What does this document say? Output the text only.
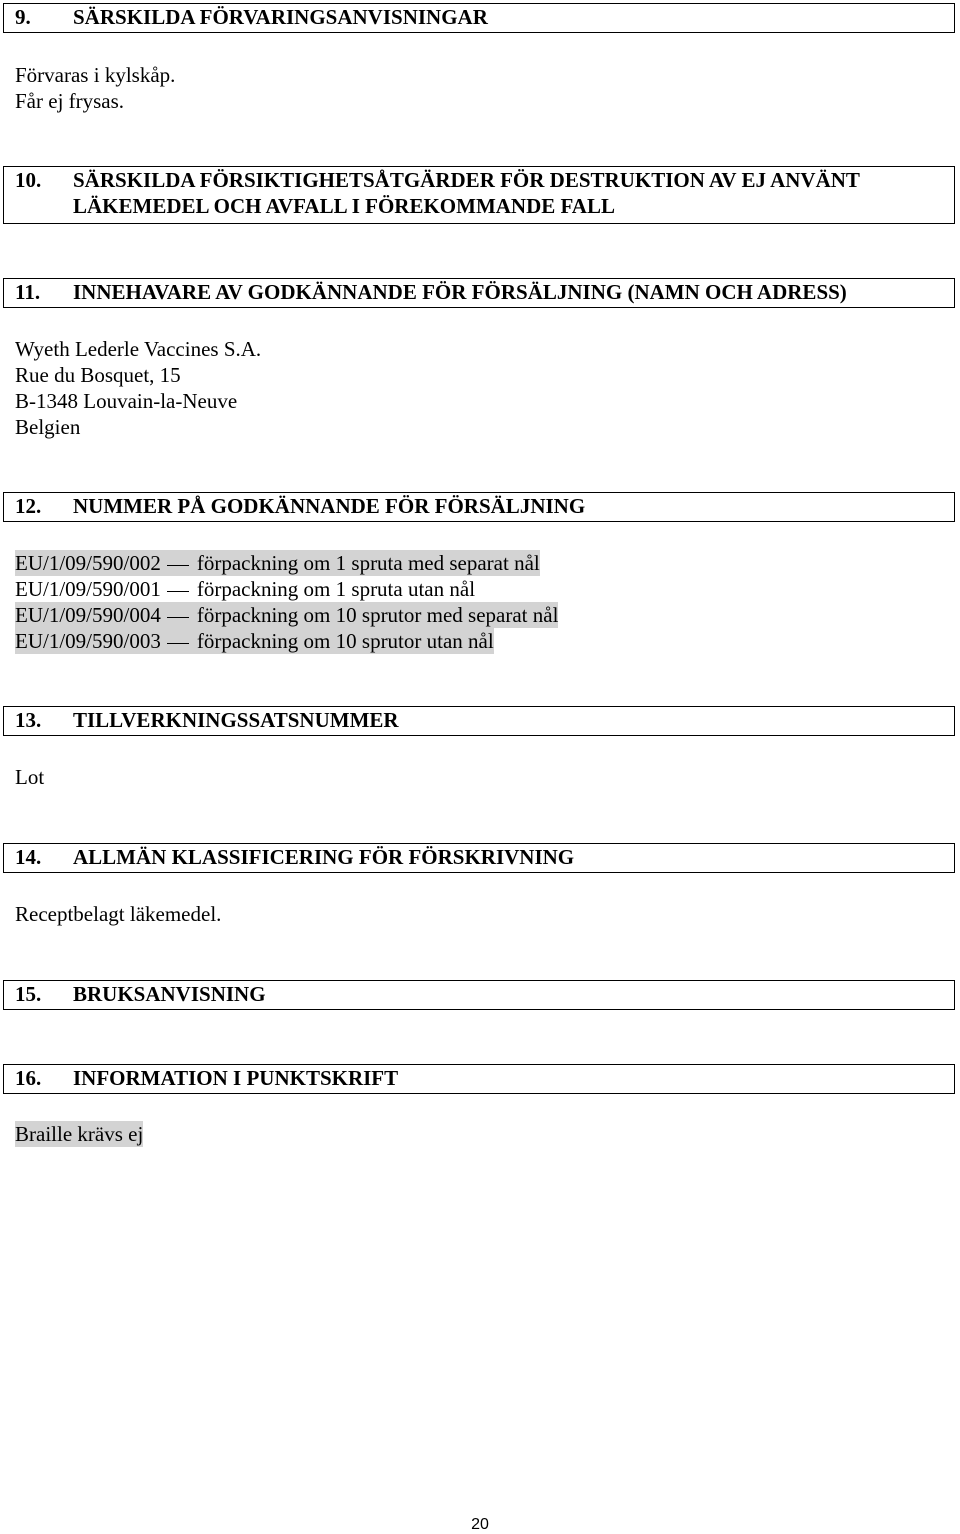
9. SÄRSKILDA FÖRVARINGSANVISNINGAR
Förvaras i kylskåp.
Får ej frysas.
10. SÄRSKILDA FÖRSIKTIGHETSÅTGÄRDER FÖR DESTRUKTION AV EJ ANVÄNT
LÄKEMEDEL OCH AVFALL I FÖREKOMMANDE FALL
11. INNEHAVARE AV GODKÄNNANDE FÖR FÖRSÄLJNING (NAMN OCH ADRESS)
Wyeth Lederle Vaccines S.A.
Rue du Bosquet, 15
B-1348 Louvain-la-Neuve
Belgien
12. NUMMER PÅ GODKÄNNANDE FÖR FÖRSÄLJNING
EU/1/09/590/002 förpackning om 1 spruta med separat nål
EU/1/09/590/001 förpackning om 1 spruta utan nål
EU/1/09/590/004 förpackning om 10 sprutor med separat nål
EU/1/09/590/003 förpackning om 10 sprutor utan nål
13. TILLVERKNINGSSATSNUMMER
Lot
14. ALLMÄN KLASSIFICERING FÖR FÖRSKRIVNING
Receptbelagt läkemedel.
15. BRUKSANVISNING
16. INFORMATION I PUNKTSKRIFT
Braille krävs ej
20
